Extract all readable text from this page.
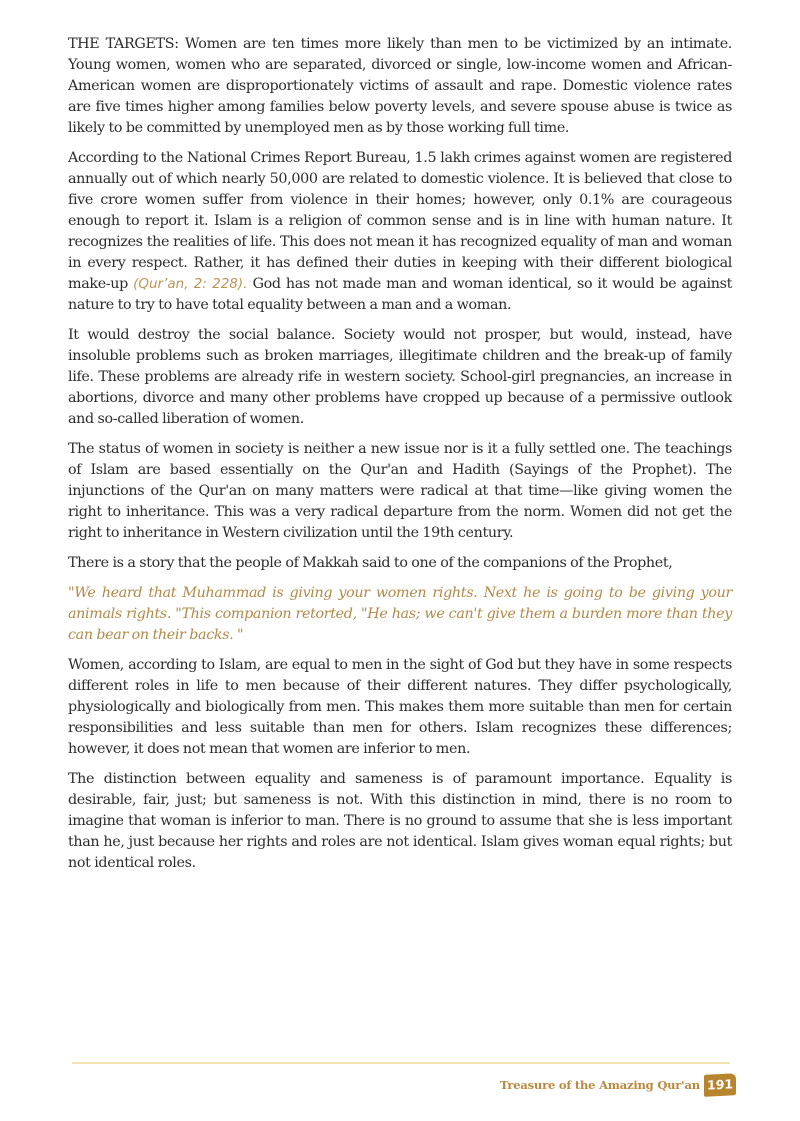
THE TARGETS: Women are ten times more likely than men to be victimized by an intimate. Young women, women who are separated, divorced or single, low-income women and African-American women are disproportionately victims of assault and rape. Domestic violence rates are five times higher among families below poverty levels, and severe spouse abuse is twice as likely to be committed by unemployed men as by those working full time.

According to the National Crimes Report Bureau, 1.5 lakh crimes against women are registered annually out of which nearly 50,000 are related to domestic violence. It is believed that close to five crore women suffer from violence in their homes; however, only 0.1% are courageous enough to report it. Islam is a religion of common sense and is in line with human nature. It recognizes the realities of life. This does not mean it has recognized equality of man and woman in every respect. Rather, it has defined their duties in keeping with their different biological make-up (Qur’an, 2: 228). God has not made man and woman identical, so it would be against nature to try to have total equality between a man and a woman.

It would destroy the social balance. Society would not prosper, but would, instead, have insoluble problems such as broken marriages, illegitimate children and the break-up of family life. These problems are already rife in western society. School-girl pregnancies, an increase in abortions, divorce and many other problems have cropped up because of a permissive outlook and so-called liberation of women.

The status of women in society is neither a new issue nor is it a fully settled one. The teachings of Islam are based essentially on the Qur'an and Hadith (Sayings of the Prophet). The injunctions of the Qur'an on many matters were radical at that time—like giving women the right to inheritance. This was a very radical departure from the norm. Women did not get the right to inheritance in Western civilization until the 19th century.

There is a story that the people of Makkah said to one of the companions of the Prophet,

"We heard that Muhammad is giving your women rights. Next he is going to be giving your animals rights. "This companion retorted, "He has; we can't give them a burden more than they can bear on their backs. "

Women, according to Islam, are equal to men in the sight of God but they have in some respects different roles in life to men because of their different natures. They differ psychologically, physiologically and biologically from men. This makes them more suitable than men for certain responsibilities and less suitable than men for others. Islam recognizes these differences; however, it does not mean that women are inferior to men.

The distinction between equality and sameness is of paramount importance. Equality is desirable, fair, just; but sameness is not. With this distinction in mind, there is no room to imagine that woman is inferior to man. There is no ground to assume that she is less important than he, just because her rights and roles are not identical. Islam gives woman equal rights; but not identical roles.

Treasure of the Amazing Qur'an 191
